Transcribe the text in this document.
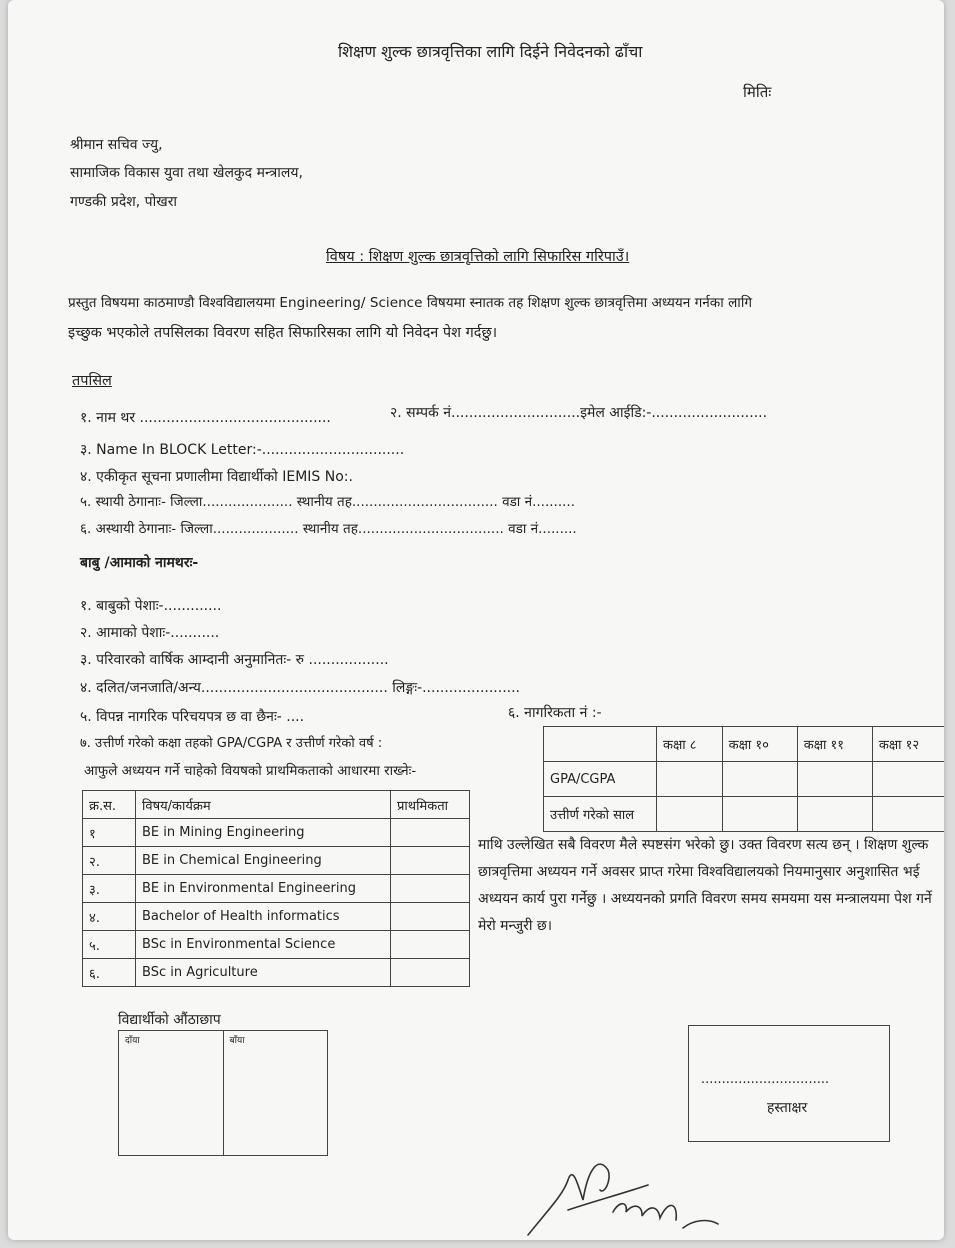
शिक्षण शुल्क छात्रवृत्तिका लागि दिईने निवेदनको ढाँचा
मितिः
श्रीमान सचिव ज्यु,
सामाजिक विकास युवा तथा खेलकुद मन्त्रालय,
गण्डकी प्रदेश, पोखरा
विषय : शिक्षण शुल्क छात्रवृत्तिको लागि सिफारिस गरिपाउँ।
प्रस्तुत विषयमा काठमाण्डौ विश्वविद्यालयमा Engineering/ Science विषयमा स्नातक तह शिक्षण शुल्क छात्रवृत्तिमा अध्ययन गर्नका लागि
इच्छुक भएकोले तपसिलका विवरण सहित सिफारिसका लागि यो निवेदन पेश गर्दछु।
तपसिल
१. नाम थर ...........................................	२. सम्पर्क नं.............................इमेल आईडि:-..........................
३. Name In BLOCK Letter:-................................
४. एकीकृत सूचना प्रणालीमा विद्यार्थीको IEMIS No:.
५. स्थायी ठेगानाः- जिल्ला..................... स्थानीय तह.................................. वडा नं..........
६. अस्थायी ठेगानाः- जिल्ला.................... स्थानीय तह.................................. वडा नं.........
बाबु /आमाको नामथरः-
१. बाबुको पेशाः-.............
२. आमाको पेशाः-...........
३. परिवारको वार्षिक आम्दानी अनुमानितः- रु ..................
४. दलित/जनजाति/अन्य.......................................... लिङ्गः-......................
५. विपन्न नागरिक परिचयपत्र छ वा छैनः- ....	६. नागरिकता नं :-
७. उत्तीर्ण गरेको कक्षा तहको GPA/CGPA र उत्तीर्ण गरेको वर्ष :
आफुले अध्ययन गर्ने चाहेको वियषको प्राथमिकताको आधारमा राख्नेः-
क्र.स.	विषय/कार्यक्रम	प्राथमिकता
१	BE in Mining Engineering	
२.	BE in Chemical Engineering	
३.	BE in Environmental Engineering	
४.	Bachelor of Health informatics	
५.	BSc in Environmental Science	
६.	BSc in Agriculture	
	कक्षा ८	कक्षा १०	कक्षा ११	कक्षा १२
GPA/CGPA				
उत्तीर्ण गरेको साल				
माथि उल्लेखित सबै विवरण मैले स्पष्टसंग भरेको छु। उक्त विवरण सत्य छन् । शिक्षण शुल्क छात्रवृत्तिमा अध्ययन गर्ने अवसर प्राप्त गरेमा विश्वविद्यालयको नियमानुसार अनुशासित भई अध्ययन कार्य पुरा गर्नेछु । अध्ययनको प्रगति विवरण समय समयमा यस मन्त्रालयमा पेश गर्ने मेरो मन्जुरी छ।
विद्यार्थीको औंठाछाप
दाँया	बाँया
...............................
हस्ताक्षर
